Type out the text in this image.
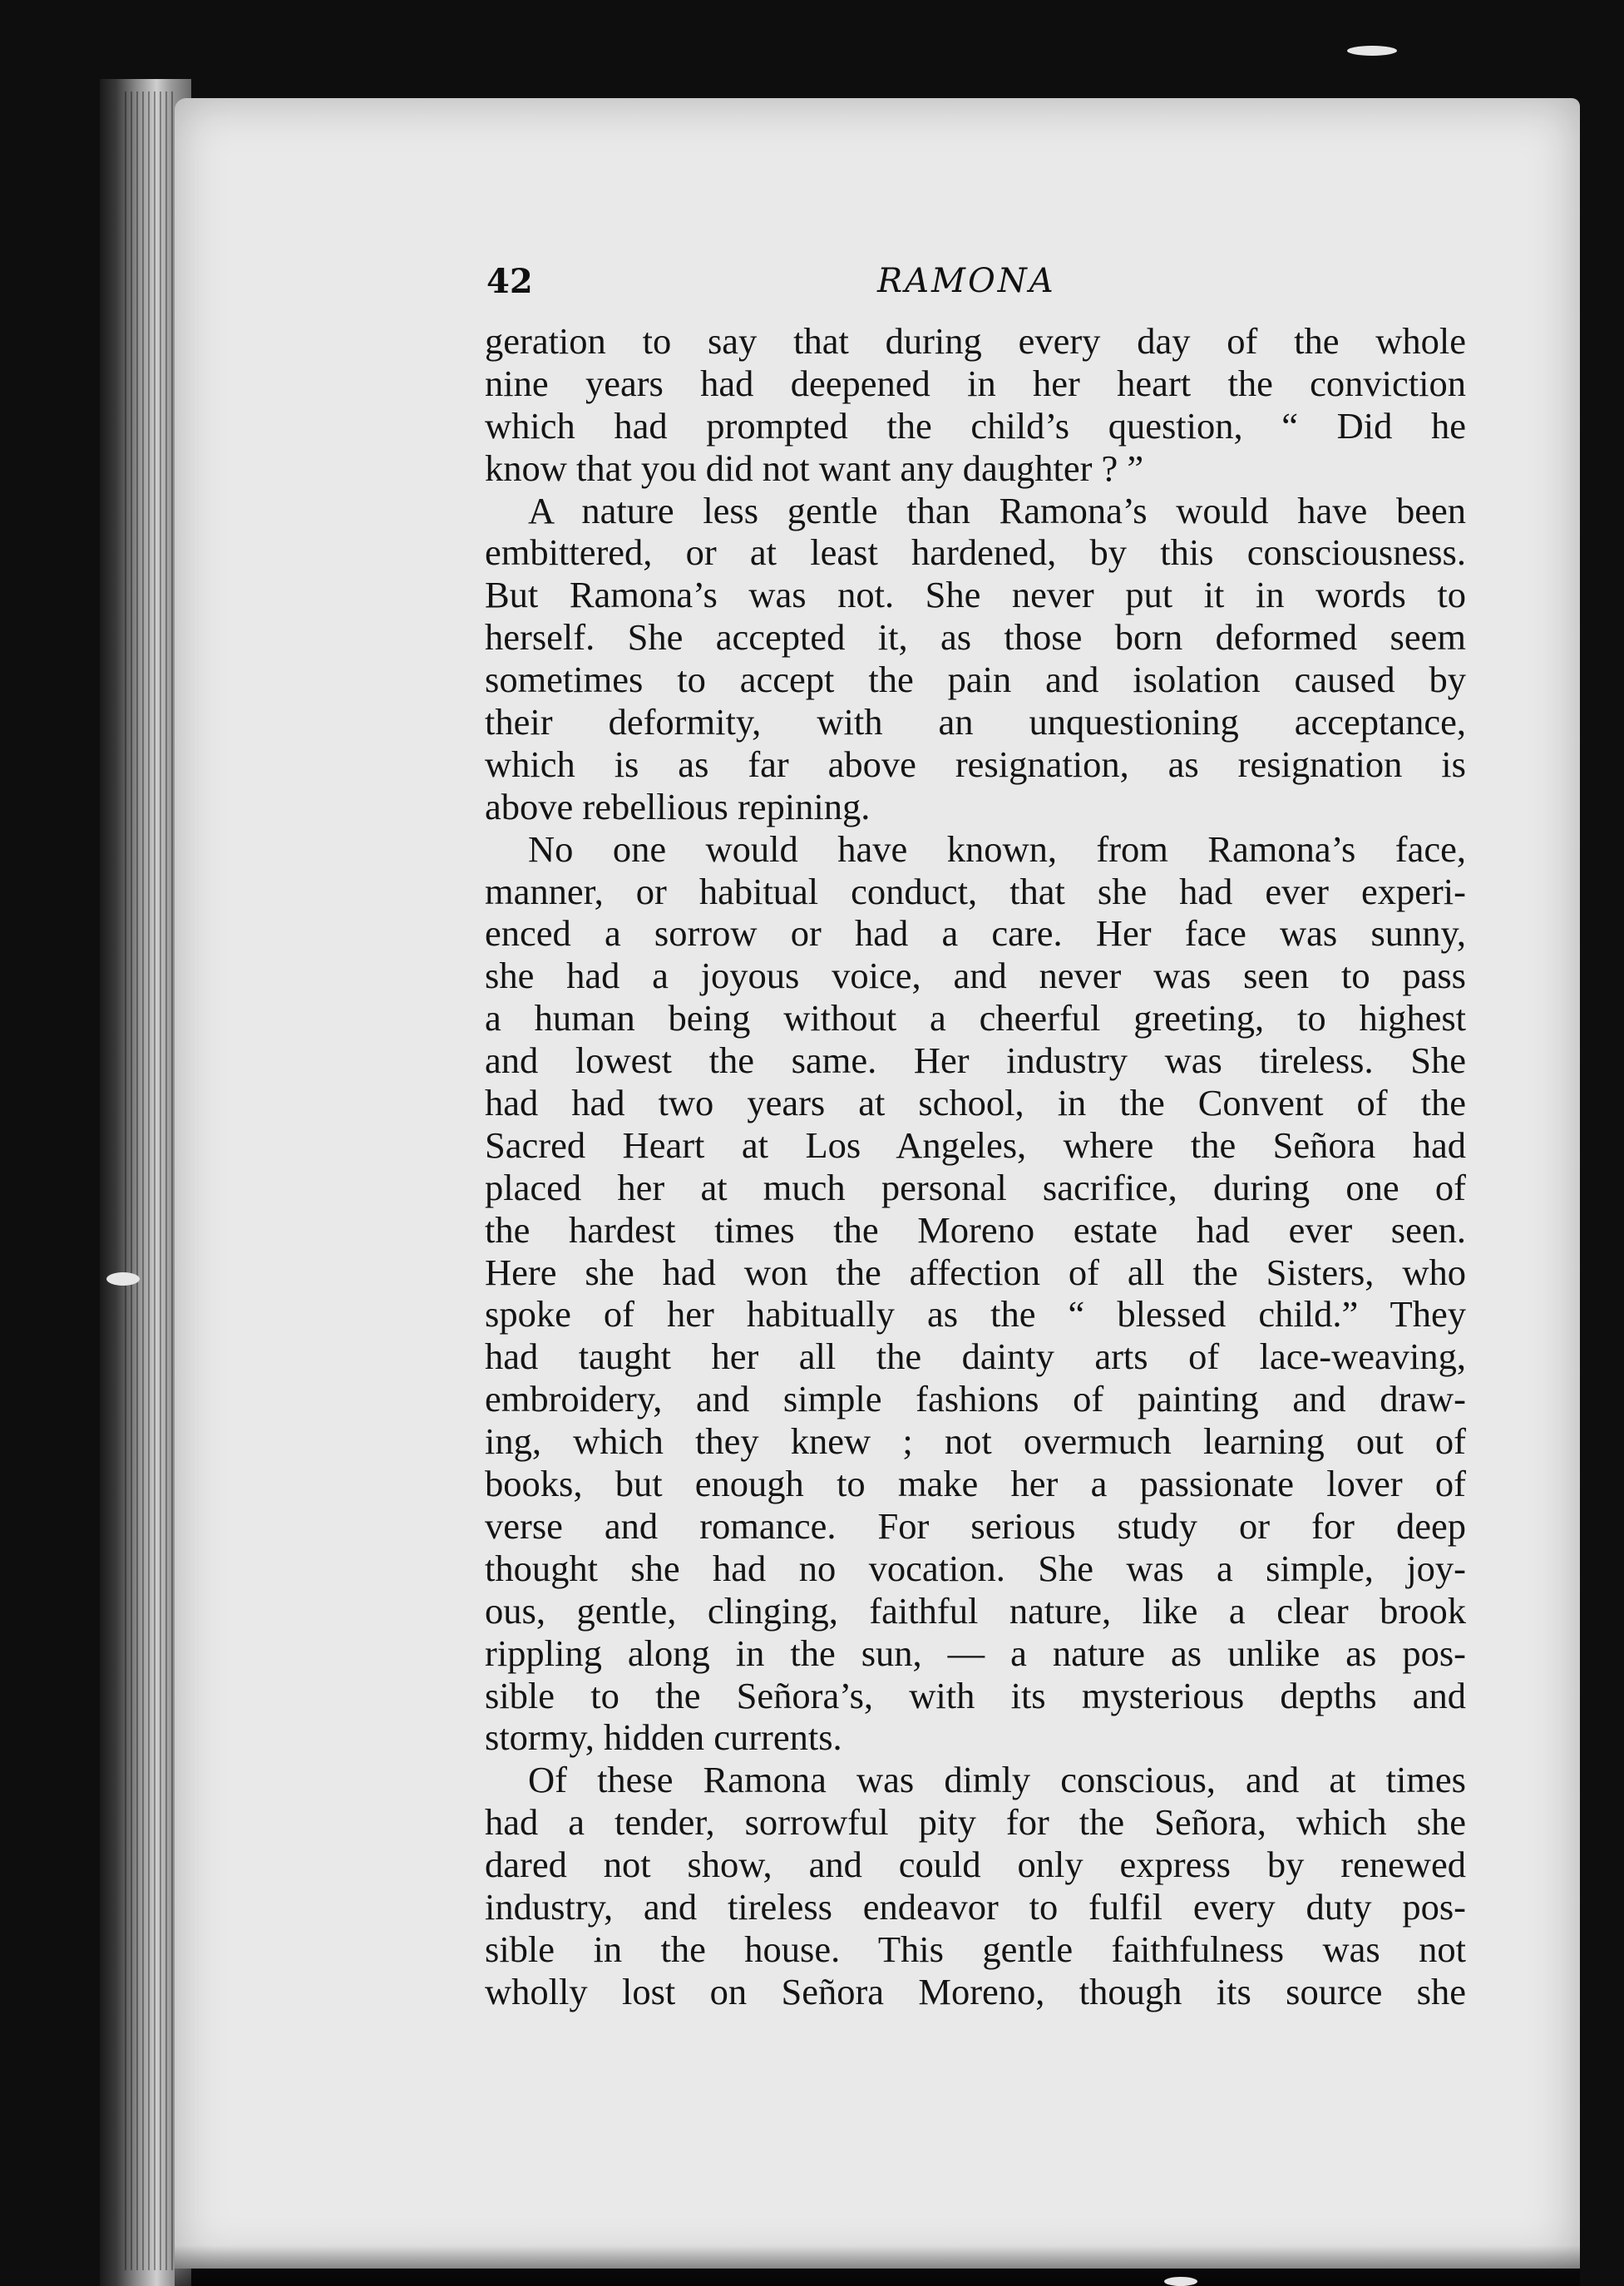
42	RAMONA
geration to say that during every day of the whole
nine years had deepened in her heart the conviction
which had prompted the child’s question, “ Did he
know that you did not want any daughter ? ”
A nature less gentle than Ramona’s would have been
embittered, or at least hardened, by this consciousness.
But Ramona’s was not. She never put it in words to
herself. She accepted it, as those born deformed seem
sometimes to accept the pain and isolation caused by
their deformity, with an unquestioning acceptance,
which is as far above resignation, as resignation is
above rebellious repining.
No one would have known, from Ramona’s face,
manner, or habitual conduct, that she had ever experi-
enced a sorrow or had a care. Her face was sunny,
she had a joyous voice, and never was seen to pass
a human being without a cheerful greeting, to highest
and lowest the same. Her industry was tireless. She
had had two years at school, in the Convent of the
Sacred Heart at Los Angeles, where the Señora had
placed her at much personal sacrifice, during one of
the hardest times the Moreno estate had ever seen.
Here she had won the affection of all the Sisters, who
spoke of her habitually as the “ blessed child.” They
had taught her all the dainty arts of lace-weaving,
embroidery, and simple fashions of painting and draw-
ing, which they knew ; not overmuch learning out of
books, but enough to make her a passionate lover of
verse and romance. For serious study or for deep
thought she had no vocation. She was a simple, joy-
ous, gentle, clinging, faithful nature, like a clear brook
rippling along in the sun, — a nature as unlike as pos-
sible to the Señora’s, with its mysterious depths and
stormy, hidden currents.
Of these Ramona was dimly conscious, and at times
had a tender, sorrowful pity for the Señora, which she
dared not show, and could only express by renewed
industry, and tireless endeavor to fulfil every duty pos-
sible in the house. This gentle faithfulness was not
wholly lost on Señora Moreno, though its source she
